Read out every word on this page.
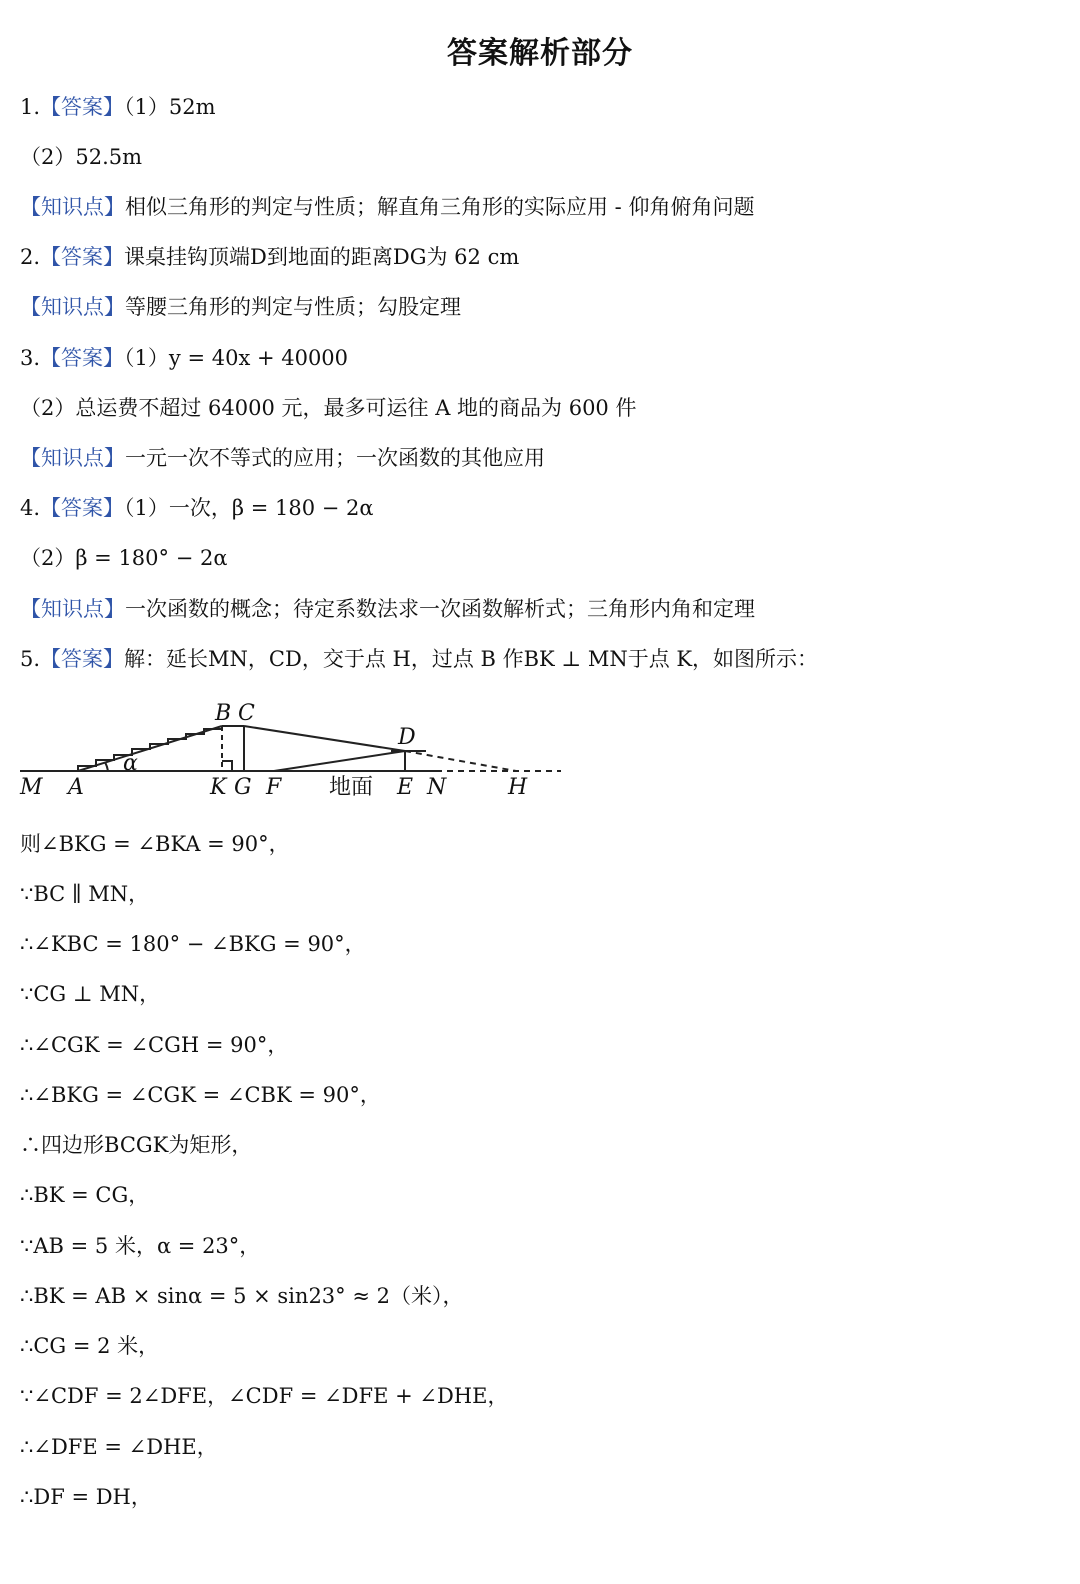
答案解析部分
1.【答案】（1）52m
（2）52.5m
【知识点】相似三角形的判定与性质；解直角三角形的实际应用 - 仰角俯角问题
2.【答案】课桌挂钩顶端D到地面的距离DG为 62 cm
【知识点】等腰三角形的判定与性质；勾股定理
3.【答案】（1）y = 40x + 40000
（2）总运费不超过 64000 元，最多可运往 A 地的商品为 600 件
【知识点】一元一次不等式的应用；一次函数的其他应用
4.【答案】（1）一次，β = 180 − 2α
（2）β = 180° − 2α
【知识点】一次函数的概念；待定系数法求一次函数解析式；三角形内角和定理
5.【答案】解：延长MN，CD，交于点 H，过点 B 作BK ⊥ MN于点 K，如图所示：
B C
D
α
M A	K G F 地面 E N	H
则∠BKG = ∠BKA = 90°，
∵BC ∥ MN，
∴∠KBC = 180° − ∠BKG = 90°，
∵CG ⊥ MN，
∴∠CGK = ∠CGH = 90°，
∴∠BKG = ∠CGK = ∠CBK = 90°，
∴四边形BCGK为矩形，
∴BK = CG，
∵AB = 5 米，α = 23°，
∴BK = AB × sinα = 5 × sin23° ≈ 2（米），
∴CG = 2 米，
∵∠CDF = 2∠DFE，∠CDF = ∠DFE + ∠DHE，
∴∠DFE = ∠DHE，
∴DF = DH，
